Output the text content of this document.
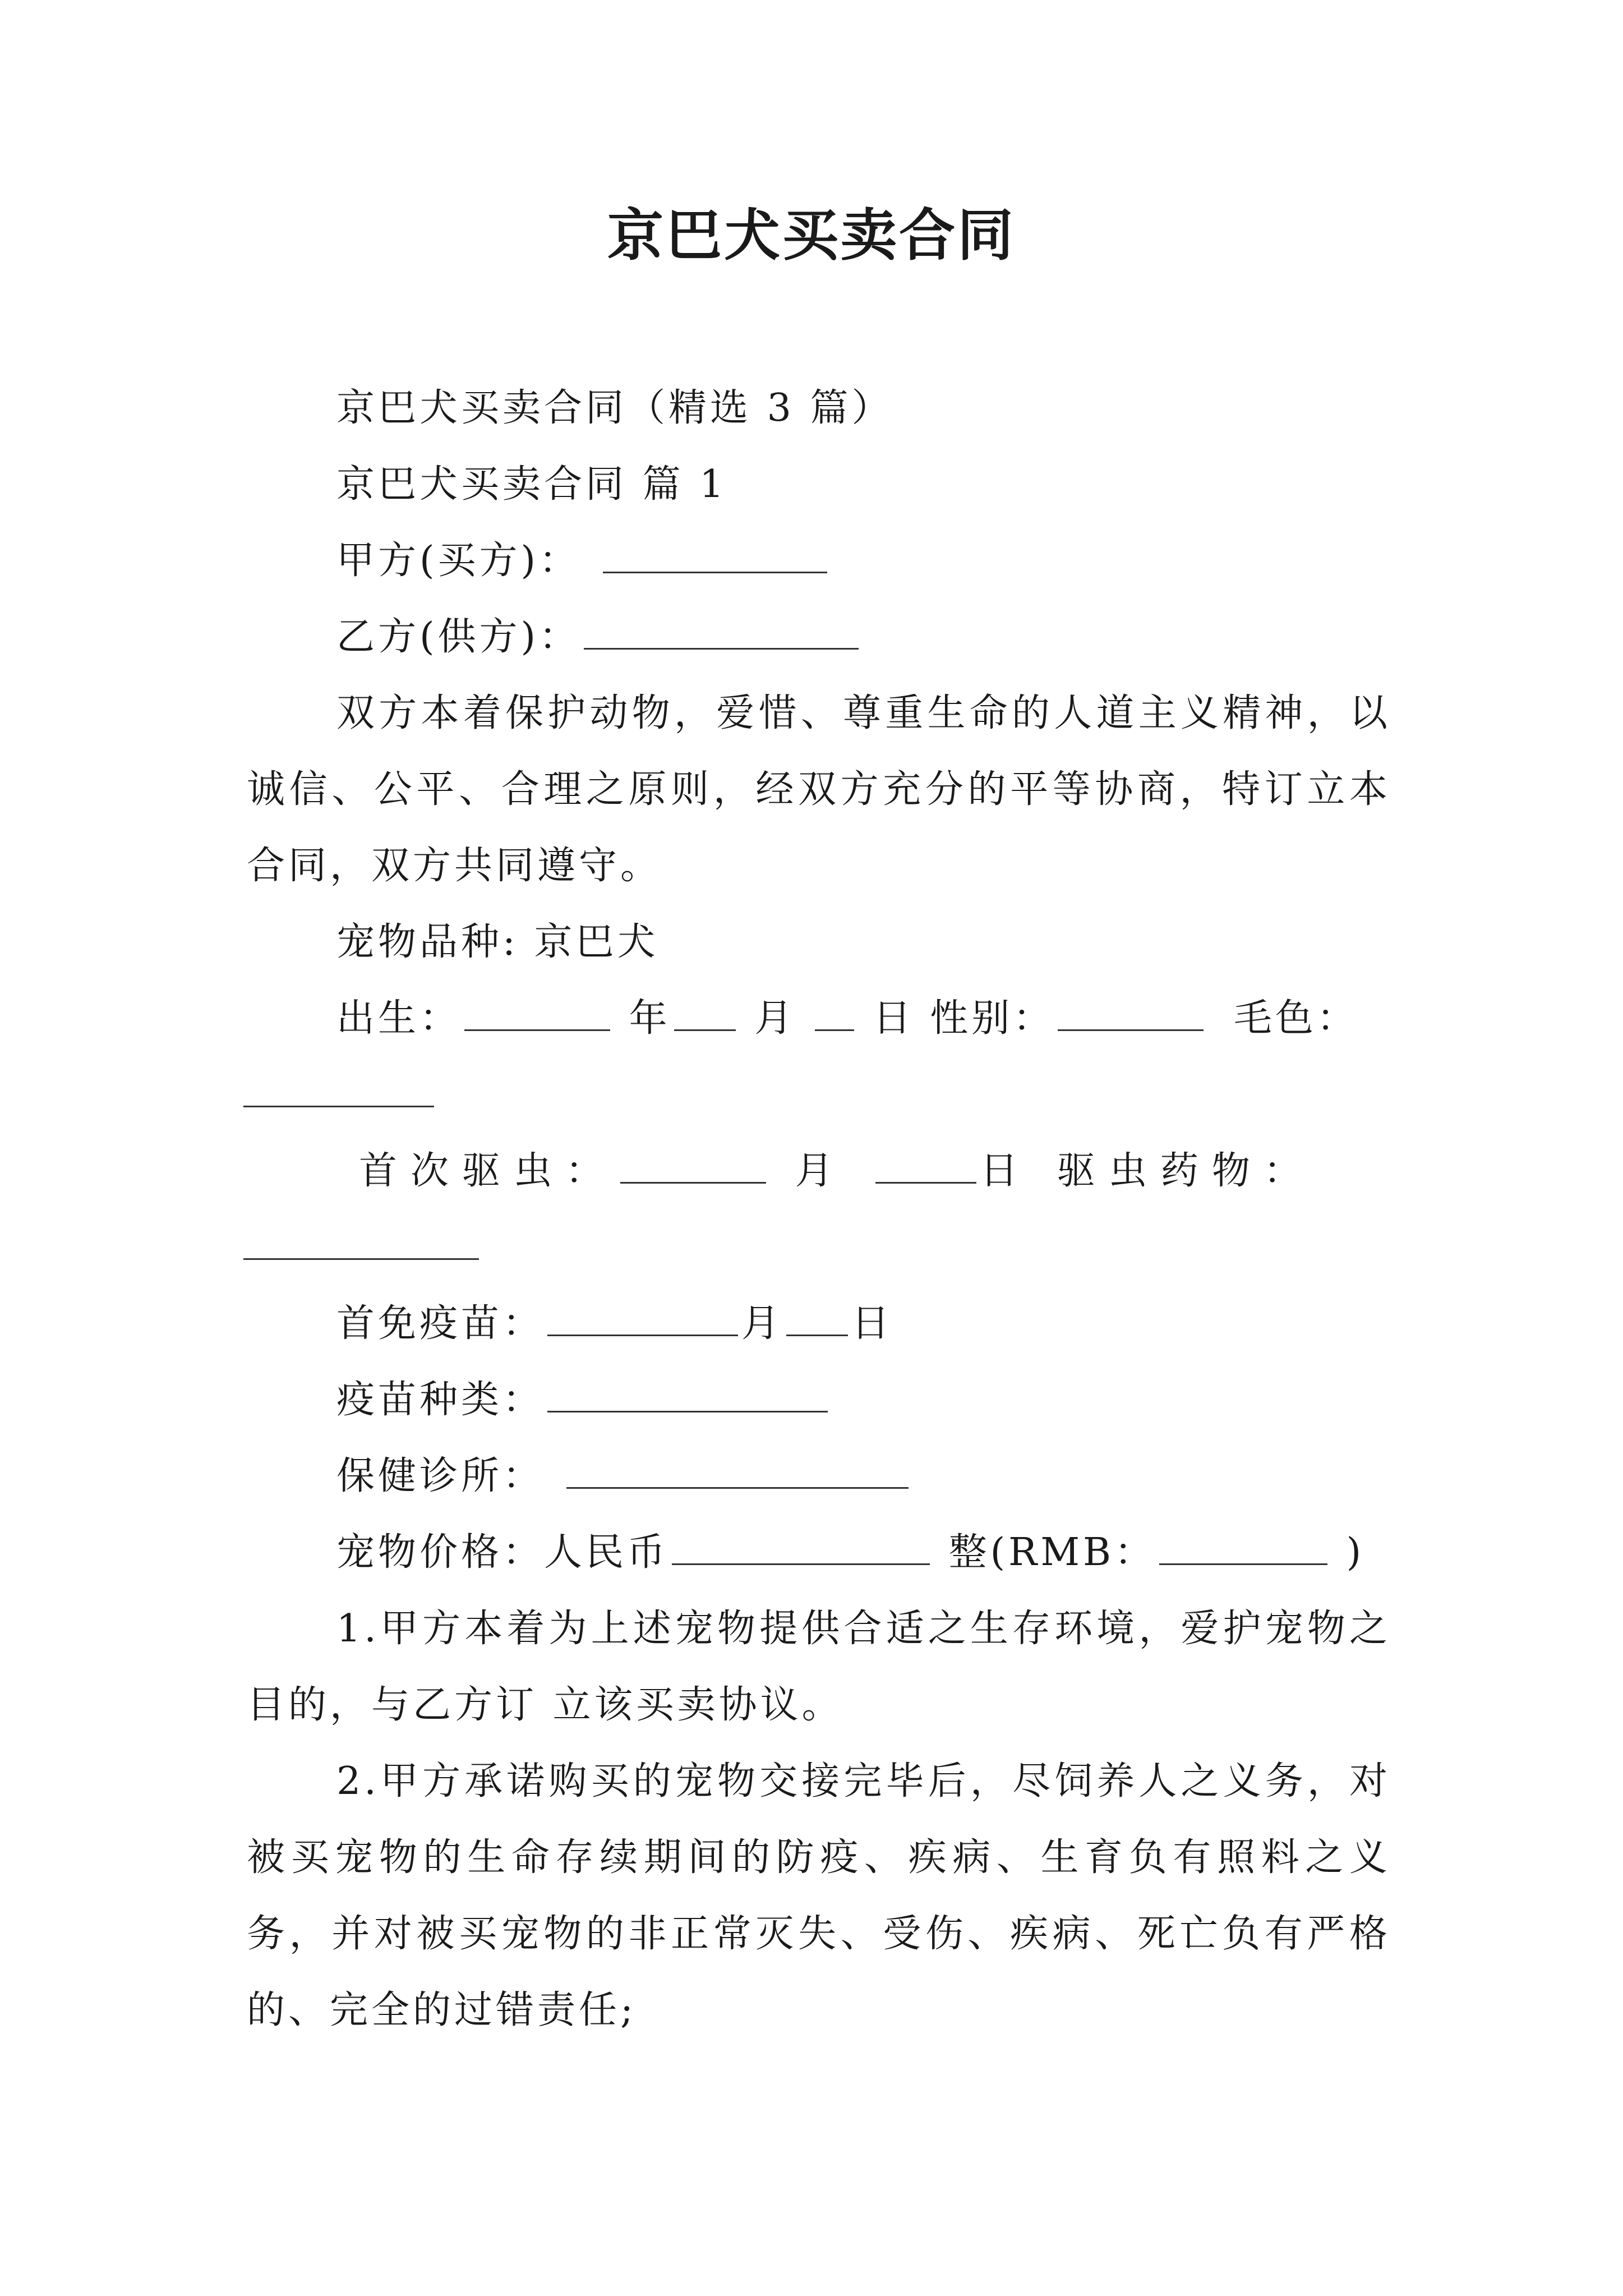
京巴犬买卖合同

京巴犬买卖合同（精选 3 篇）

京巴犬买卖合同 篇 1

甲方(买方)：

乙方(供方)：

双方本着保护动物，爱惜、尊重生命的人道主义精神，以诚信、公平、合理之原则，经双方充分的平等协商，特订立本合同，双方共同遵守。

宠物品种: 京巴犬

出生：	年 月 日 性别：	毛色：

首次驱虫：	月	日 驱虫药物：

首免疫苗：	月 日

疫苗种类：

保健诊所：

宠物价格：人民币	整(RMB：	)

1.甲方本着为上述宠物提供合适之生存环境，爱护宠物之目的，与乙方订 立该买卖协议。

2.甲方承诺购买的宠物交接完毕后，尽饲养人之义务，对被买宠物的生命存续期间的防疫、疾病、生育负有照料之义务，并对被买宠物的非正常灭失、受伤、疾病、死亡负有严格的、完全的过错责任;
